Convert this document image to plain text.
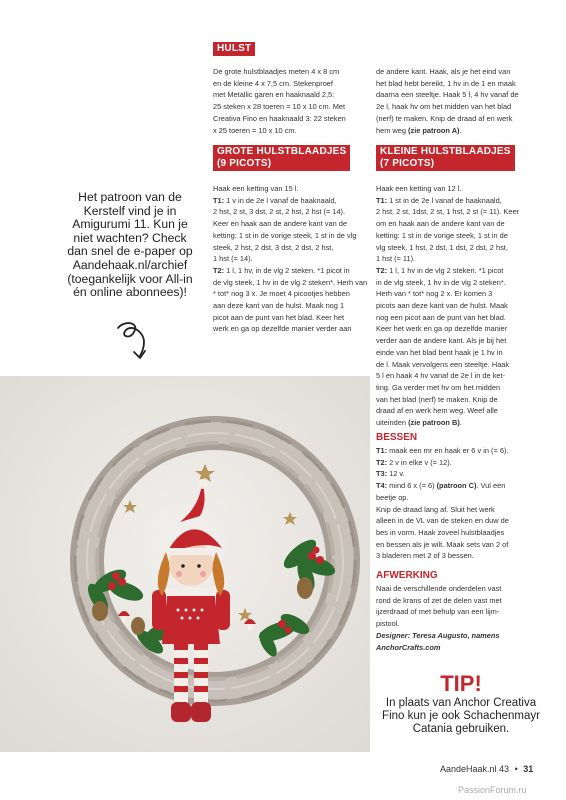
HULST

De grote hulstblaadjes meten 4 x 8 cm

en de kleine 4 x 7,5 cm. Stekenproef

met Metallic garen en haaknaald 2,5:

25 steken x 28 toeren = 10 x 10 cm. Met

Creativa Fino en haaknaald 3: 22 steken

x 25 toeren = 10 x 10 cm.

de andere kant. Haak, als je het eind van

het blad hebt bereikt, 1 hv in de 1 en maak

daarna een steeltje. Haak 5 l, 4 hv vanaf de

2e l, haak hv om het midden van het blad

(nerf) te maken. Knip de draad af en werk

hem weg (zie patroon A).

GROTE HULSTBLAADJES
(9 PICOTS)

Haak een ketting van 15 l.

T1: 1 v in de 2e l vanaf de haaknaald,

2 hst, 2 st, 3 dst, 2 st, 2 hst, 2 hst (= 14).

Keer en haak aan de andere kant van de

ketting: 1 st in de vorige steek, 1 st in de vlg

steek, 2 hst, 2 dst, 3 dst, 2 dst, 2 hst,

1 hst (= 14).

T2: 1 l, 1 hv, in de vlg 2 steken. *1 picot in

de vlg steek, 1 hv in de vlg 2 steken*. Herh van

* tot* nog 3 x. Je moet 4 picootjes hebben

aan deze kant van de hulst. Maak nog 1

picot aan de punt van het blad. Keer het

werk en ga op dezelfde manier verder aan

KLEINE HULSTBLAADJES
(7 PICOTS)

Haak een ketting van 12 l.

T1: 1 st in de 2e l vanaf de haaknaald,

2 hst, 2 st, 1dst, 2 st, 1 hst, 2 st (= 11). Keer

om en haak aan de andere kant van de

ketting: 1 st in de vorige steek, 1 st in de

vlg steek, 1 hst, 2 dst, 1 dst, 2 dst, 2 hst,

1 hst (= 11).

T2: 1 l, 1 hv in de vlg 2 steken. *1 picot

in de vlg steek, 1 hv in de vlg 2 steken*.

Herh van * tot* nog 2 x. Er komen 3

picots aan deze kant van de hulst. Maak

nog een picot aan de punt van het blad.

Keer het werk en ga op dezelfde manier

verder aan de andere kant. Als je bij het

einde van het blad bent haak je 1 hv in

de l. Maak vervolgens een steeltje. Haak

5 l en haak 4 hv vanaf de 2e l in de ket-

ting. Ga verder met hv om het midden

van het blad (nerf) te maken. Knip de

draad af en werk hem weg. Weef alle

uiteinden (zie patroon B).

BESSEN

T1: maak een mr en haak er 6 v in (= 6).

T2: 2 v in elke v (= 12).

T3: 12 v.

T4: mind 6 x (= 6) (patroon C). Vul een

beetje op.

Knip de draad lang af. Sluit het werk

alleen in de VL van de steken en duw de

bes in vorm. Haak zoveel hulstblaadjes

en bessen als je wilt. Maak sets van 2 of

3 bladeren met 2 of 3 bessen.

AFWERKING

Naai de verschillende onderdelen vast

rond de krans of zet de delen vast met

ijzerdraad of met behulp van een lijm-

pistool.

Designer: Teresa Augusto, namens

AnchorCrafts.com

Het patroon van de
Kerstelf vind je in
Amigurumi 11. Kun je
niet wachten? Check
dan snel de e-paper op
Aandehaak.nl/archief
(toegankelijk voor All-in
én online abonnees)!
TIP!
In plaats van Anchor Creativa
Fino kun je ook Schachenmayr
Catania gebruiken.
AandeHaak.nl 43 • 31
PassionForum.ru
